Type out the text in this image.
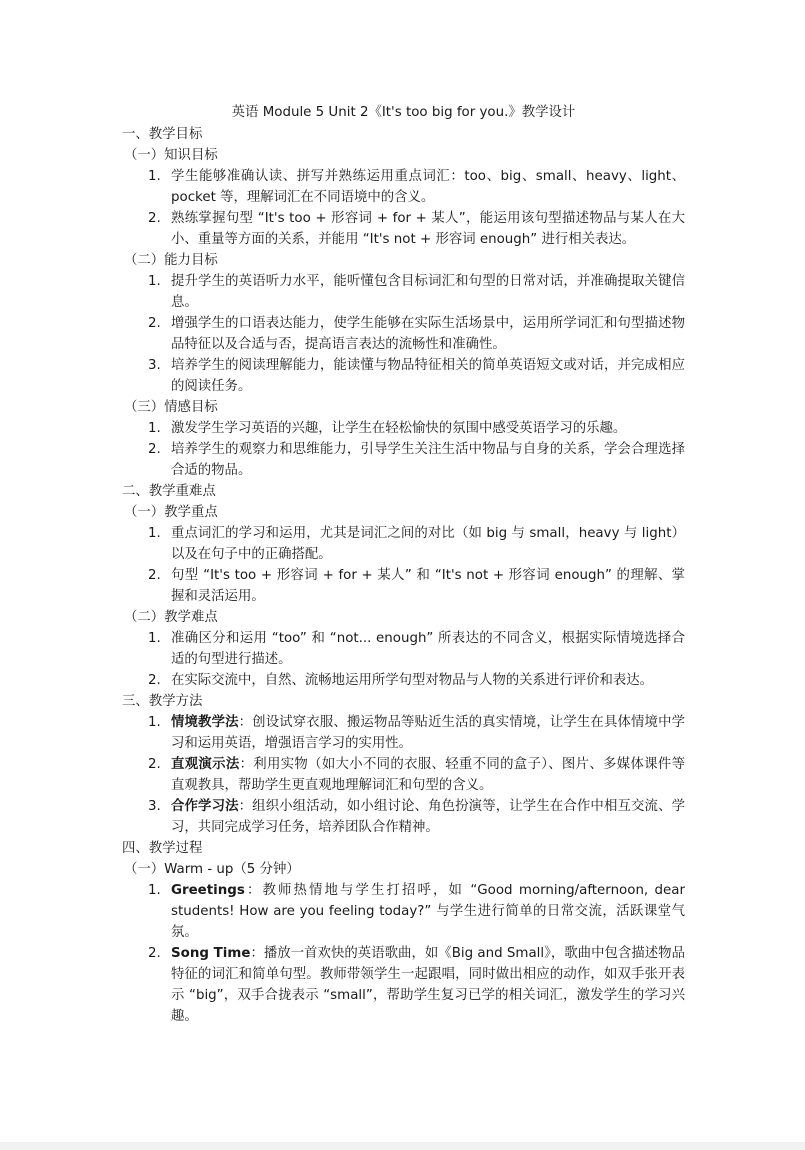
英语 Module 5 Unit 2《It's too big for you.》教学设计
一、教学目标
（一）知识目标
1. 学生能够准确认读、拼写并熟练运用重点词汇：too、big、small、heavy、light、pocket 等，理解词汇在不同语境中的含义。
2. 熟练掌握句型 “It's too + 形容词 + for + 某人”，能运用该句型描述物品与某人在大小、重量等方面的关系，并能用 “It's not + 形容词 enough” 进行相关表达。
（二）能力目标
1. 提升学生的英语听力水平，能听懂包含目标词汇和句型的日常对话，并准确提取关键信息。
2. 增强学生的口语表达能力，使学生能够在实际生活场景中，运用所学词汇和句型描述物品特征以及合适与否，提高语言表达的流畅性和准确性。
3. 培养学生的阅读理解能力，能读懂与物品特征相关的简单英语短文或对话，并完成相应的阅读任务。
（三）情感目标
1. 激发学生学习英语的兴趣，让学生在轻松愉快的氛围中感受英语学习的乐趣。
2. 培养学生的观察力和思维能力，引导学生关注生活中物品与自身的关系，学会合理选择合适的物品。
二、教学重难点
（一）教学重点
1. 重点词汇的学习和运用，尤其是词汇之间的对比（如 big 与 small，heavy 与 light）以及在句子中的正确搭配。
2. 句型 “It's too + 形容词 + for + 某人” 和 “It's not + 形容词 enough” 的理解、掌握和灵活运用。
（二）教学难点
1. 准确区分和运用 “too” 和 “not... enough” 所表达的不同含义，根据实际情境选择合适的句型进行描述。
2. 在实际交流中，自然、流畅地运用所学句型对物品与人物的关系进行评价和表达。
三、教学方法
1. 情境教学法：创设试穿衣服、搬运物品等贴近生活的真实情境，让学生在具体情境中学习和运用英语，增强语言学习的实用性。
2. 直观演示法：利用实物（如大小不同的衣服、轻重不同的盒子）、图片、多媒体课件等直观教具，帮助学生更直观地理解词汇和句型的含义。
3. 合作学习法：组织小组活动，如小组讨论、角色扮演等，让学生在合作中相互交流、学习，共同完成学习任务，培养团队合作精神。
四、教学过程
（一）Warm - up（5 分钟）
1. Greetings：教师热情地与学生打招呼，如 “Good morning/afternoon, dear students! How are you feeling today?” 与学生进行简单的日常交流，活跃课堂气氛。
2. Song Time：播放一首欢快的英语歌曲，如《Big and Small》，歌曲中包含描述物品特征的词汇和简单句型。教师带领学生一起跟唱，同时做出相应的动作，如双手张开表示 “big”，双手合拢表示 “small”，帮助学生复习已学的相关词汇，激发学生的学习兴趣。
